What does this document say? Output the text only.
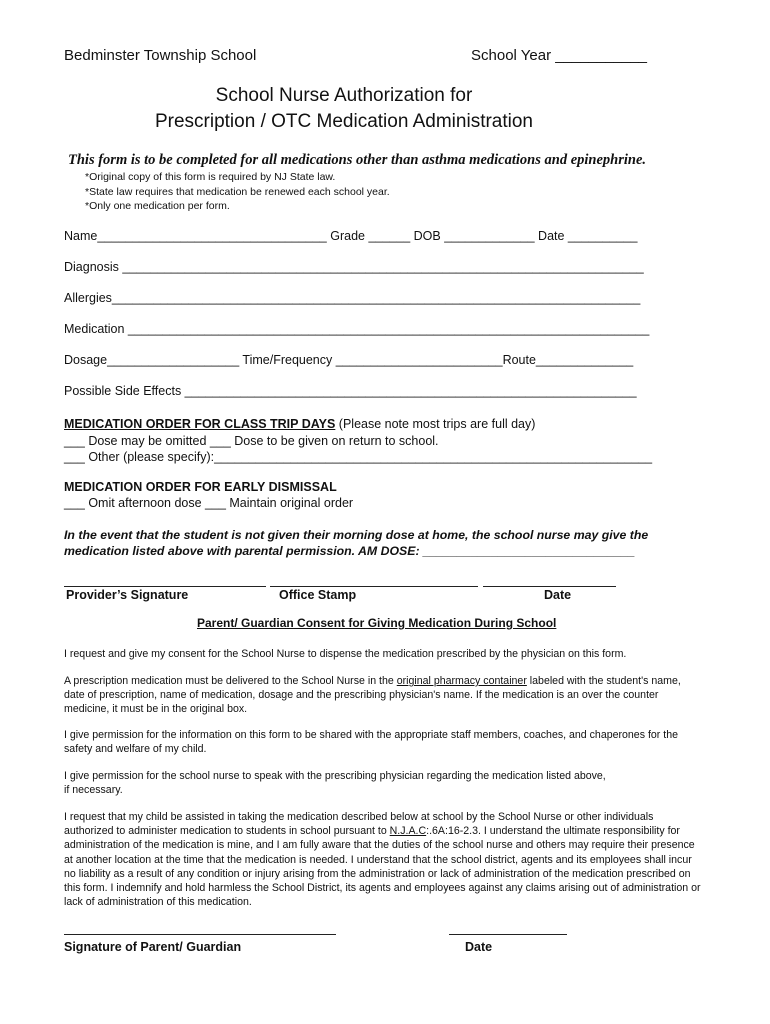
Bedminster Township School	School Year ___________
School Nurse Authorization for
Prescription / OTC Medication Administration
This form is to be completed for all medications other than asthma medications and epinephrine.
*Original copy of this form is required by NJ State law.
*State law requires that medication be renewed each school year.
*Only one medication per form.
Name_________________________________ Grade ______ DOB _____________ Date __________
Diagnosis ___________________________________________________________________________
Allergies____________________________________________________________________________
Medication ___________________________________________________________________________
Dosage___________________ Time/Frequency ________________________Route______________
Possible Side Effects _________________________________________________________________
MEDICATION ORDER FOR CLASS TRIP DAYS (Please note most trips are full day)
___ Dose may be omitted ___ Dose to be given on return to school.
___ Other (please specify):_______________________________________________________________
MEDICATION ORDER FOR EARLY DISMISSAL
___ Omit afternoon dose ___ Maintain original order
In the event that the student is not given their morning dose at home, the school nurse may give the medication listed above with parental permission. AM DOSE: _______________________________
Provider’s Signature	Office Stamp	Date
Parent/ Guardian Consent for Giving Medication During School
I request and give my consent for the School Nurse to dispense the medication prescribed by the physician on this form.
A prescription medication must be delivered to the School Nurse in the original pharmacy container labeled with the student's name, date of prescription, name of medication, dosage and the prescribing physician's name. If the medication is an over the counter medicine, it must be in the original box.
I give permission for the information on this form to be shared with the appropriate staff members, coaches, and chaperones for the safety and welfare of my child.
I give permission for the school nurse to speak with the prescribing physician regarding the medication listed above,
if necessary.
I request that my child be assisted in taking the medication described below at school by the School Nurse or other individuals authorized to administer medication to students in school pursuant to N.J.A.C:.6A:16-2.3. I understand the ultimate responsibility for administration of the medication is mine, and I am fully aware that the duties of the school nurse and others may require their presence at another location at the time that the medication is needed. I understand that the school district, agents and its employees shall incur no liability as a result of any condition or injury arising from the administration or lack of administration of the medication prescribed on this form. I indemnify and hold harmless the School District, its agents and employees against any claims arising out of administration or lack of administration of this medication.
Signature of Parent/ Guardian	Date
